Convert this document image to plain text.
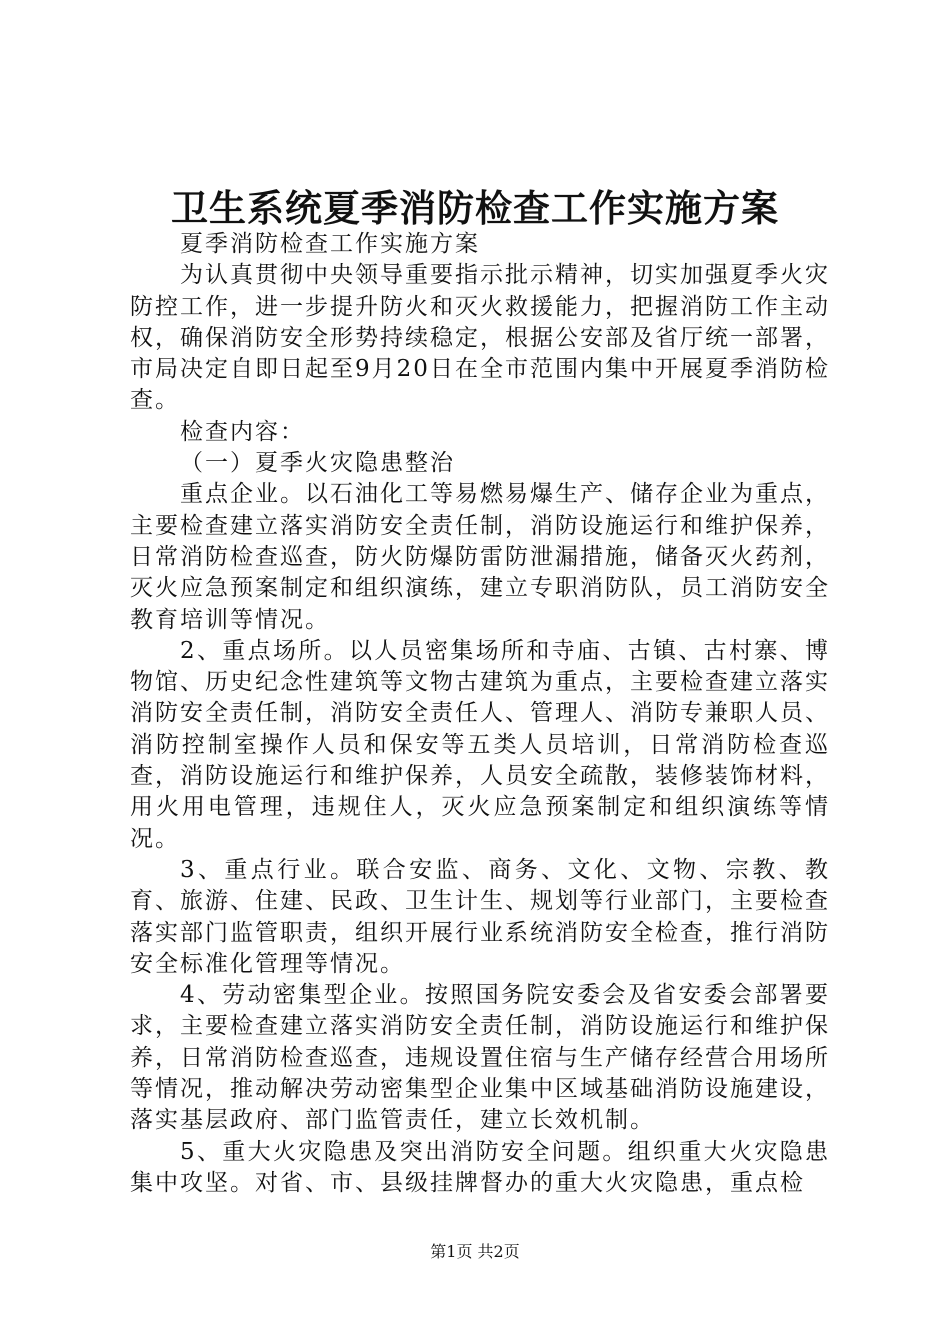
卫生系统夏季消防检查工作实施方案

夏季消防检查工作实施方案

为认真贯彻中央领导重要指示批示精神，切实加强夏季火灾防控工作，进一步提升防火和灭火救援能力，把握消防工作主动权，确保消防安全形势持续稳定，根据公安部及省厅统一部署，市局决定自即日起至9月20日在全市范围内集中开展夏季消防检查。

检查内容：

（一）夏季火灾隐患整治

重点企业。以石油化工等易燃易爆生产、储存企业为重点，主要检查建立落实消防安全责任制，消防设施运行和维护保养，日常消防检查巡查，防火防爆防雷防泄漏措施，储备灭火药剂，灭火应急预案制定和组织演练，建立专职消防队，员工消防安全教育培训等情况。

2、重点场所。以人员密集场所和寺庙、古镇、古村寨、博物馆、历史纪念性建筑等文物古建筑为重点，主要检查建立落实消防安全责任制，消防安全责任人、管理人、消防专兼职人员、消防控制室操作人员和保安等五类人员培训，日常消防检查巡查，消防设施运行和维护保养，人员安全疏散，装修装饰材料，用火用电管理，违规住人，灭火应急预案制定和组织演练等情况。

3、重点行业。联合安监、商务、文化、文物、宗教、教育、旅游、住建、民政、卫生计生、规划等行业部门，主要检查落实部门监管职责，组织开展行业系统消防安全检查，推行消防安全标准化管理等情况。

4、劳动密集型企业。按照国务院安委会及省安委会部署要求，主要检查建立落实消防安全责任制，消防设施运行和维护保养，日常消防检查巡查，违规设置住宿与生产储存经营合用场所等情况，推动解决劳动密集型企业集中区域基础消防设施建设，落实基层政府、部门监管责任，建立长效机制。

5、重大火灾隐患及突出消防安全问题。组织重大火灾隐患集中攻坚。对省、市、县级挂牌督办的重大火灾隐患，重点检

第1页 共2页
